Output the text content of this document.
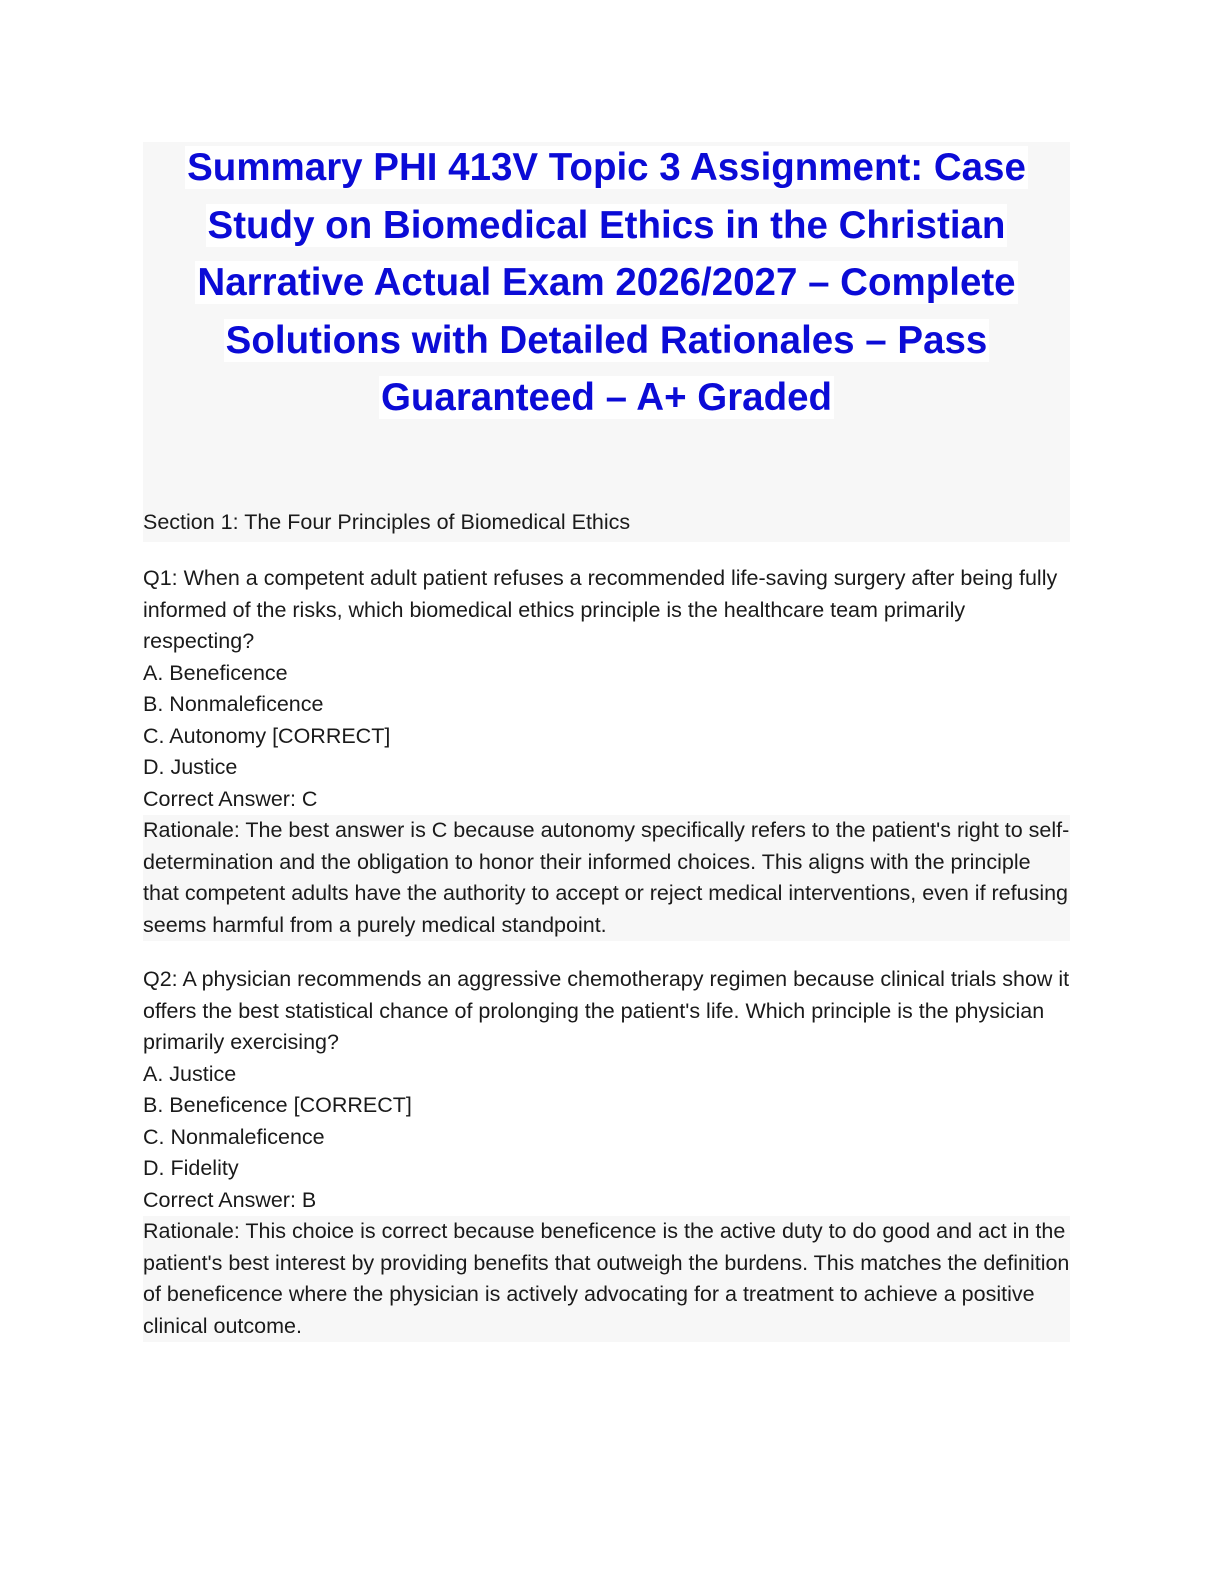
Summary PHI 413V Topic 3 Assignment: Case
Study on Biomedical Ethics in the Christian
Narrative Actual Exam 2026/2027 – Complete
Solutions with Detailed Rationales – Pass
Guaranteed – A+ Graded
Section 1: The Four Principles of Biomedical Ethics

Q1: When a competent adult patient refuses a recommended life-saving surgery after being fully informed of the risks, which biomedical ethics principle is the healthcare team primarily respecting?

A. Beneficence

B. Nonmaleficence

C. Autonomy [CORRECT]

D. Justice

Correct Answer: C

Rationale: The best answer is C because autonomy specifically refers to the patient's right to self-determination and the obligation to honor their informed choices. This aligns with the principle that competent adults have the authority to accept or reject medical interventions, even if refusing seems harmful from a purely medical standpoint.

Q2: A physician recommends an aggressive chemotherapy regimen because clinical trials show it offers the best statistical chance of prolonging the patient's life. Which principle is the physician primarily exercising?

A. Justice

B. Beneficence [CORRECT]

C. Nonmaleficence

D. Fidelity

Correct Answer: B

Rationale: This choice is correct because beneficence is the active duty to do good and act in the patient's best interest by providing benefits that outweigh the burdens. This matches the definition of beneficence where the physician is actively advocating for a treatment to achieve a positive clinical outcome.
